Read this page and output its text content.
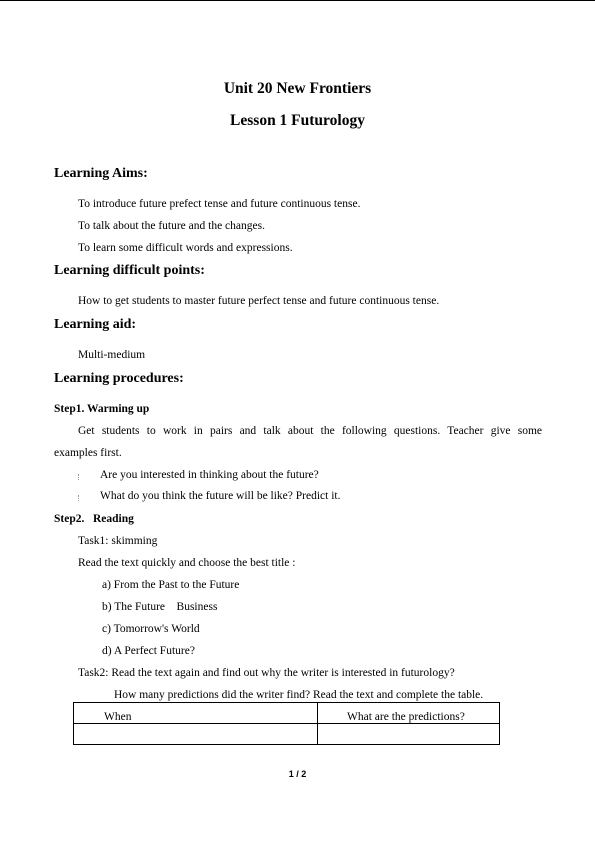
Unit 20 New Frontiers
Lesson 1 Futurology
Learning Aims:
To introduce future prefect tense and future continuous tense.
To talk about the future and the changes.
To learn some difficult words and expressions.
Learning difficult points:
How to get students to master future perfect tense and future continuous tense.
Learning aid:
Multi-medium
Learning procedures:
Step1. Warming up
Get students to work in pairs and talk about the following questions. Teacher give some
examples first.
Are you interested in thinking about the future?
What do you think the future will be like? Predict it.
Step2.   Reading
Task1: skimming
Read the text quickly and choose the best title :
a) From the Past to the Future
b) The Future    Business
c) Tomorrow's World
d) A Perfect Future?
Task2: Read the text again and find out why the writer is interested in futurology?
How many predictions did the writer find? Read the text and complete the table.
When	What are the predictions?

1 / 2
